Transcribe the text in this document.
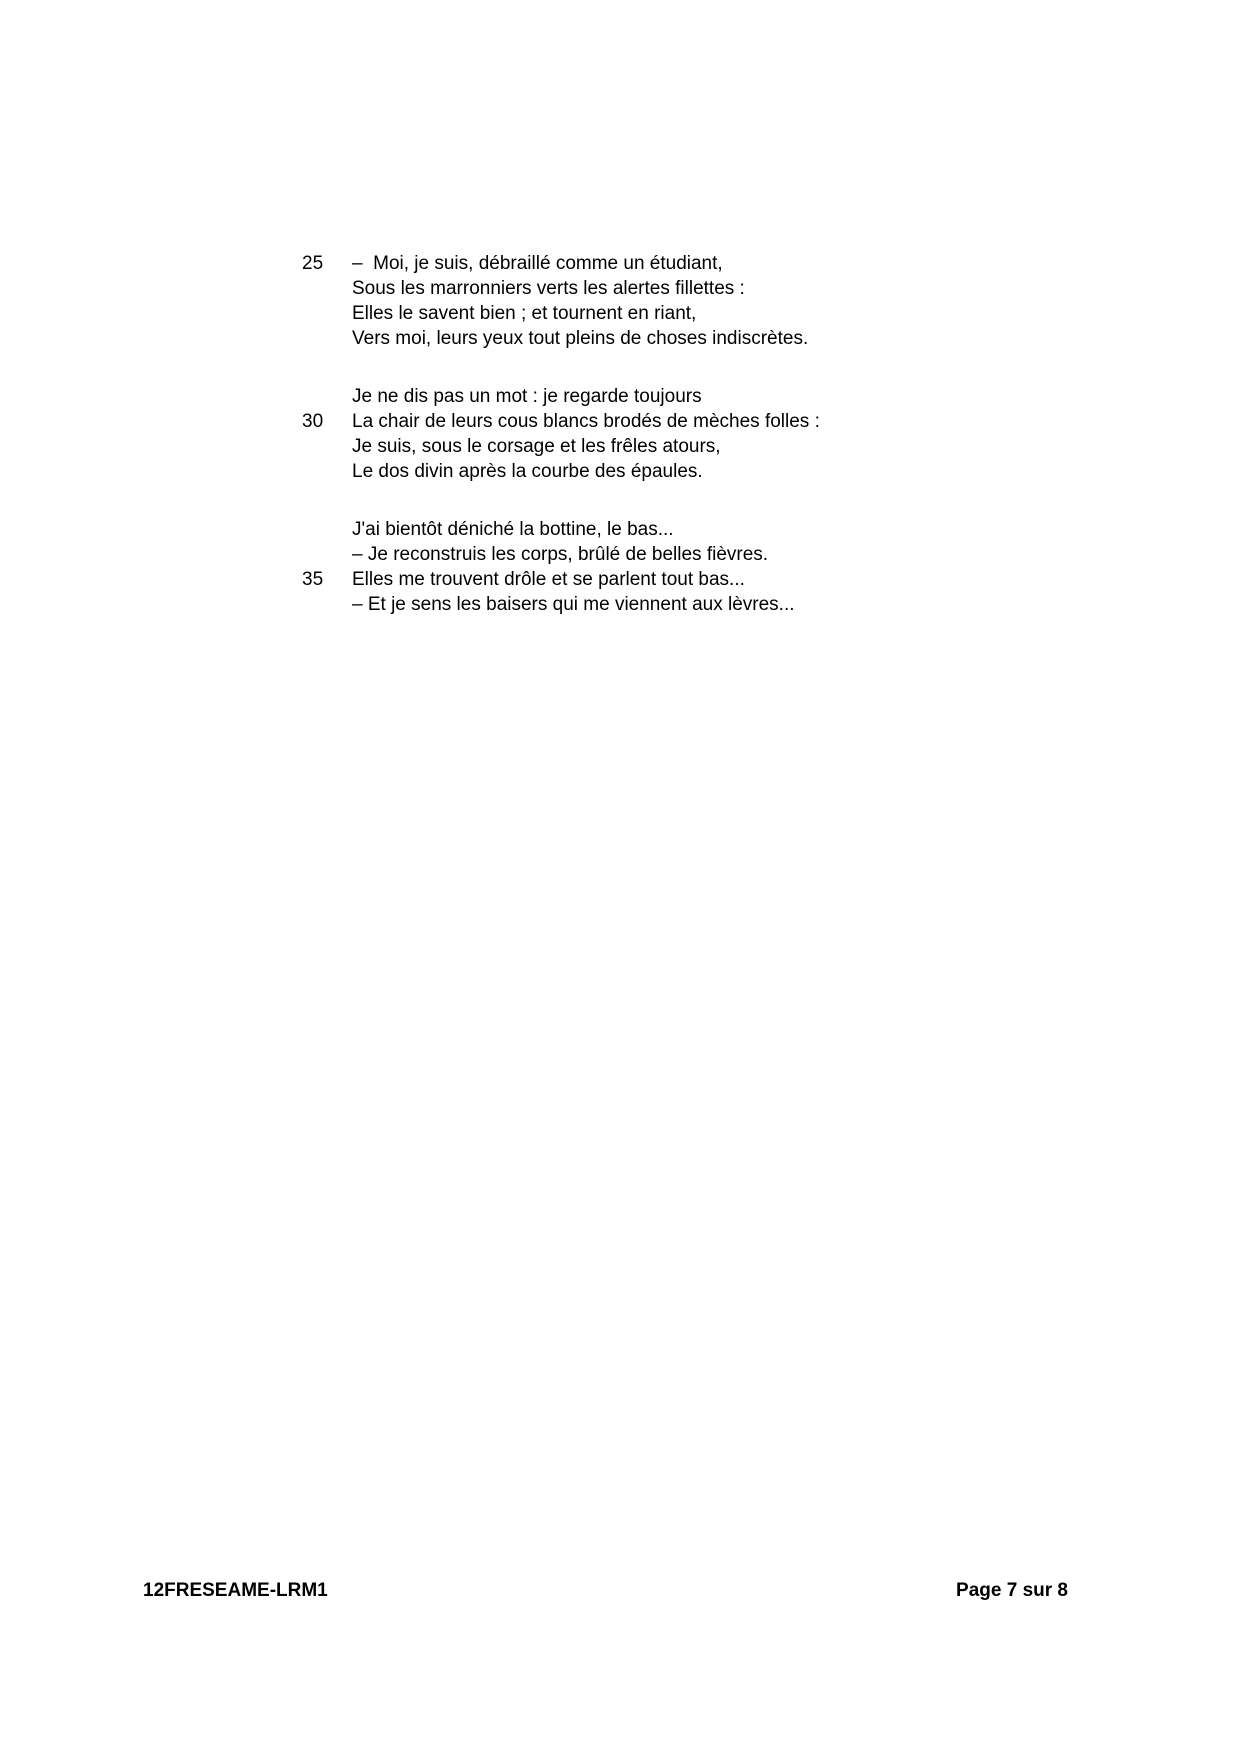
25	–  Moi, je suis, débraillé comme un étudiant,
Sous les marronniers verts les alertes fillettes :
Elles le savent bien ; et tournent en riant,
Vers moi, leurs yeux tout pleins de choses indiscrètes.
Je ne dis pas un mot : je regarde toujours
30	La chair de leurs cous blancs brodés de mèches folles :
Je suis, sous le corsage et les frêles atours,
Le dos divin après la courbe des épaules.
J'ai bientôt déniché la bottine, le bas...
– Je reconstruis les corps, brûlé de belles fièvres.
35	Elles me trouvent drôle et se parlent tout bas...
– Et je sens les baisers qui me viennent aux lèvres...
12FRESEAME-LRM1	Page 7 sur 8
